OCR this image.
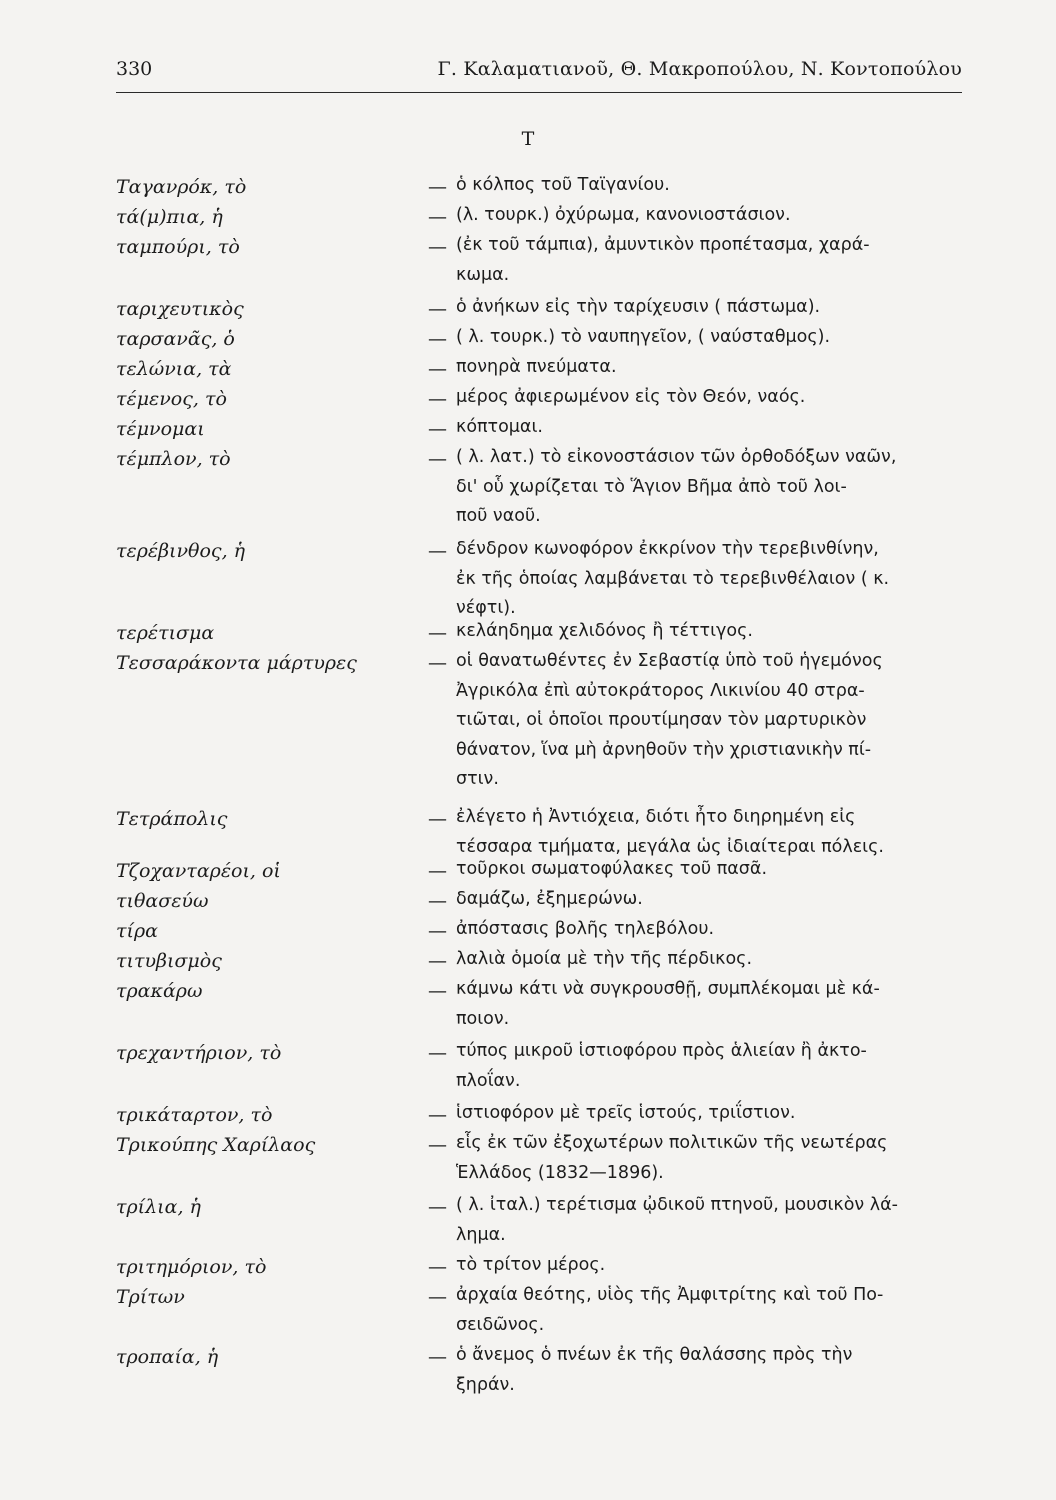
330	Γ. Καλαματιανοῦ, Θ. Μακροπούλου, Ν. Κοντοπούλου
Τ
Ταγανρόκ, τὸ	— ὁ κόλπος τοῦ Ταϊγανίου.
τά(μ)πια, ἡ	— (λ. τουρκ.) ὀχύρωμα, κανονιοστάσιον.
ταμπούρι, τὸ	— (ἐκ τοῦ τάμπια), ἀμυντικὸν προπέτασμα, χαρά-
κωμα.
ταριχευτικὸς	— ὁ ἀνήκων εἰς τὴν ταρίχευσιν ( πάστωμα).
ταρσανᾶς, ὁ	— ( λ. τουρκ.) τὸ ναυπηγεῖον, ( ναύσταθμος).
τελώνια, τὰ	— πονηρὰ πνεύματα.
τέμενος, τὸ	— μέρος ἀφιερωμένον εἰς τὸν Θεόν, ναός.
τέμνομαι	— κόπτομαι.
τέμπλον, τὸ	— ( λ. λατ.) τὸ εἰκονοστάσιον τῶν ὀρθοδόξων ναῶν,
δι' οὗ χωρίζεται τὸ Ἅγιον Βῆμα ἀπὸ τοῦ λοι-
ποῦ ναοῦ.
τερέβινθος, ἡ	— δένδρον κωνοφόρον ἐκκρίνον τὴν τερεβινθίνην,
ἐκ τῆς ὁποίας λαμβάνεται τὸ τερεβινθέλαιον ( κ.
νέφτι).
τερέτισμα	— κελάηδημα χελιδόνος ἢ τέττιγος.
Τεσσαράκοντα μάρτυρες	— οἱ θανατωθέντες ἐν Σεβαστίᾳ ὑπὸ τοῦ ἡγεμόνος
Ἀγρικόλα ἐπὶ αὐτοκράτορος Λικινίου 40 στρα-
τιῶται, οἱ ὁποῖοι προυτίμησαν τὸν μαρτυρικὸν
θάνατον, ἵνα μὴ ἀρνηθοῦν τὴν χριστιανικὴν πί-
στιν.
Τετράπολις	— ἐλέγετο ἡ Ἀντιόχεια, διότι ἦτο διηρημένη εἰς
τέσσαρα τμήματα, μεγάλα ὡς ἰδιαίτεραι πόλεις.
Τζοχανταρέοι, οἱ	— τοῦρκοι σωματοφύλακες τοῦ πασᾶ.
τιθασεύω	— δαμάζω, ἐξημερώνω.
τίρα	— ἀπόστασις βολῆς τηλεβόλου.
τιτυβισμὸς	— λαλιὰ ὁμοία μὲ τὴν τῆς πέρδικος.
τρακάρω	— κάμνω κάτι νὰ συγκρουσθῇ, συμπλέκομαι μὲ κά-
ποιον.
τρεχαντήριον, τὸ	— τύπος μικροῦ ἱστιοφόρου πρὸς ἁλιείαν ἢ ἀκτο-
πλοΐαν.
τρικάταρτον, τὸ	— ἱστιοφόρον μὲ τρεῖς ἱστούς, τριΐστιον.
Τρικούπης Χαρίλαος	— εἷς ἐκ τῶν ἐξοχωτέρων πολιτικῶν τῆς νεωτέρας
Ἑλλάδος (1832—1896).
τρίλια, ἡ	— ( λ. ἰταλ.) τερέτισμα ᾠδικοῦ πτηνοῦ, μουσικὸν λά-
λημα.
τριτημόριον, τὸ	— τὸ τρίτον μέρος.
Τρίτων	— ἀρχαία θεότης, υἱὸς τῆς Ἀμφιτρίτης καὶ τοῦ Πο-
σειδῶνος.
τροπαία, ἡ	— ὁ ἄνεμος ὁ πνέων ἐκ τῆς θαλάσσης πρὸς τὴν
ξηράν.
